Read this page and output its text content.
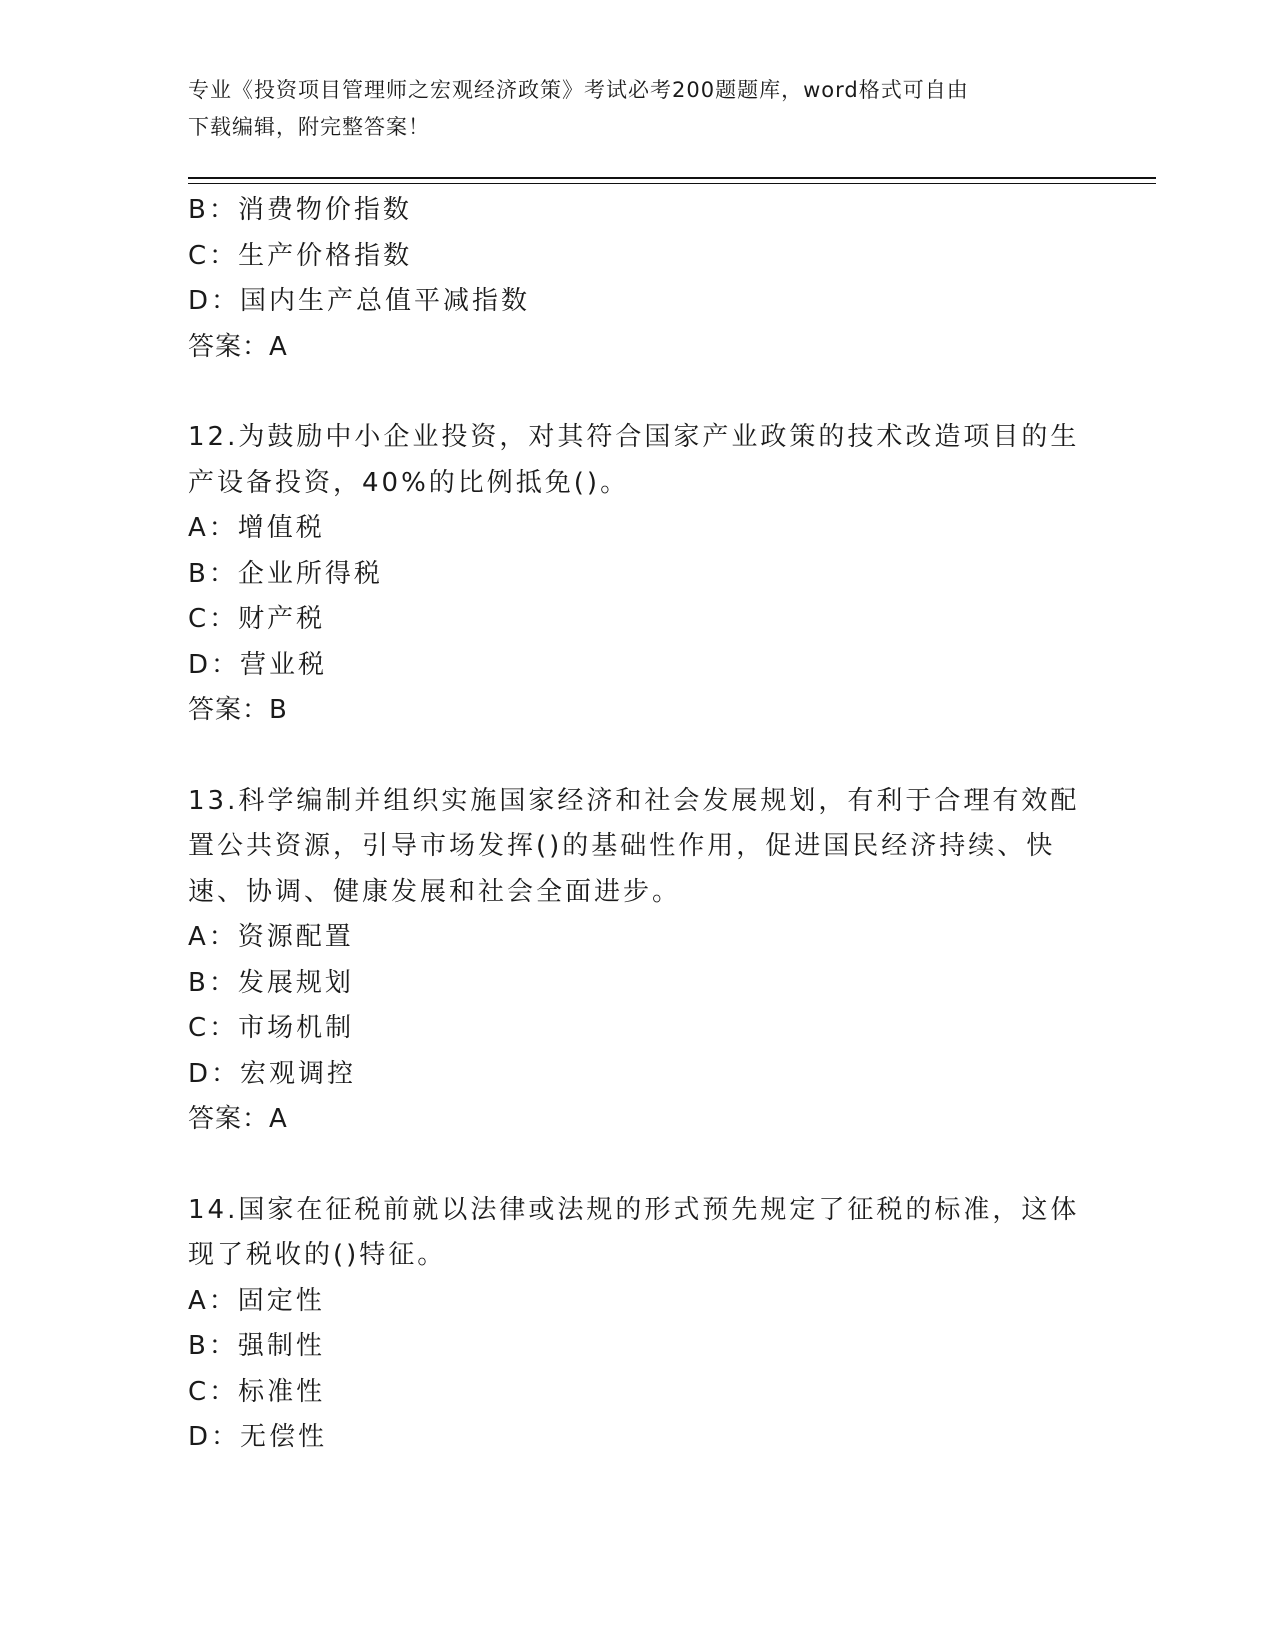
专业《投资项目管理师之宏观经济政策》考试必考200题题库，word格式可自由
下载编辑，附完整答案！
B：消费物价指数
C：生产价格指数
D：国内生产总值平减指数
答案：A
12.为鼓励中小企业投资，对其符合国家产业政策的技术改造项目的生
产设备投资，40%的比例抵免()。
A：增值税
B：企业所得税
C：财产税
D：营业税
答案：B
13.科学编制并组织实施国家经济和社会发展规划，有利于合理有效配
置公共资源，引导市场发挥()的基础性作用，促进国民经济持续、快
速、协调、健康发展和社会全面进步。
A：资源配置
B：发展规划
C：市场机制
D：宏观调控
答案：A
14.国家在征税前就以法律或法规的形式预先规定了征税的标准，这体
现了税收的()特征。
A：固定性
B：强制性
C：标准性
D：无偿性
